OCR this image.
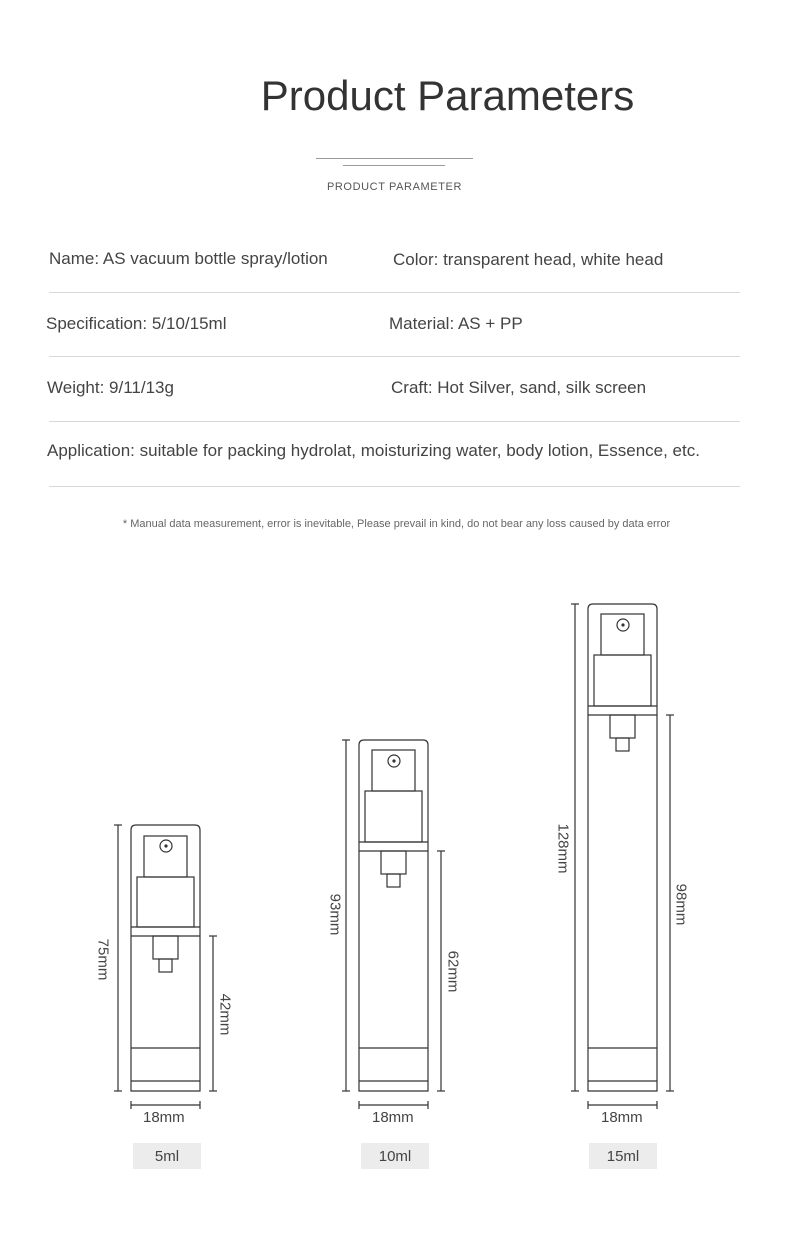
Product Parameters
PRODUCT PARAMETER
Name: AS vacuum bottle spray/lotion	Color: transparent head, white head
Specification: 5/10/15ml	Material: AS + PP
Weight: 9/11/13g	Craft: Hot Silver, sand, silk screen
Application: suitable for packing hydrolat, moisturizing water, body lotion, Essence, etc.
* Manual data measurement, error is inevitable, Please prevail in kind, do not bear any loss caused by data error
75mm
42mm
18mm
5ml
93mm
62mm
18mm
10ml
128mm
98mm
18mm
15ml
